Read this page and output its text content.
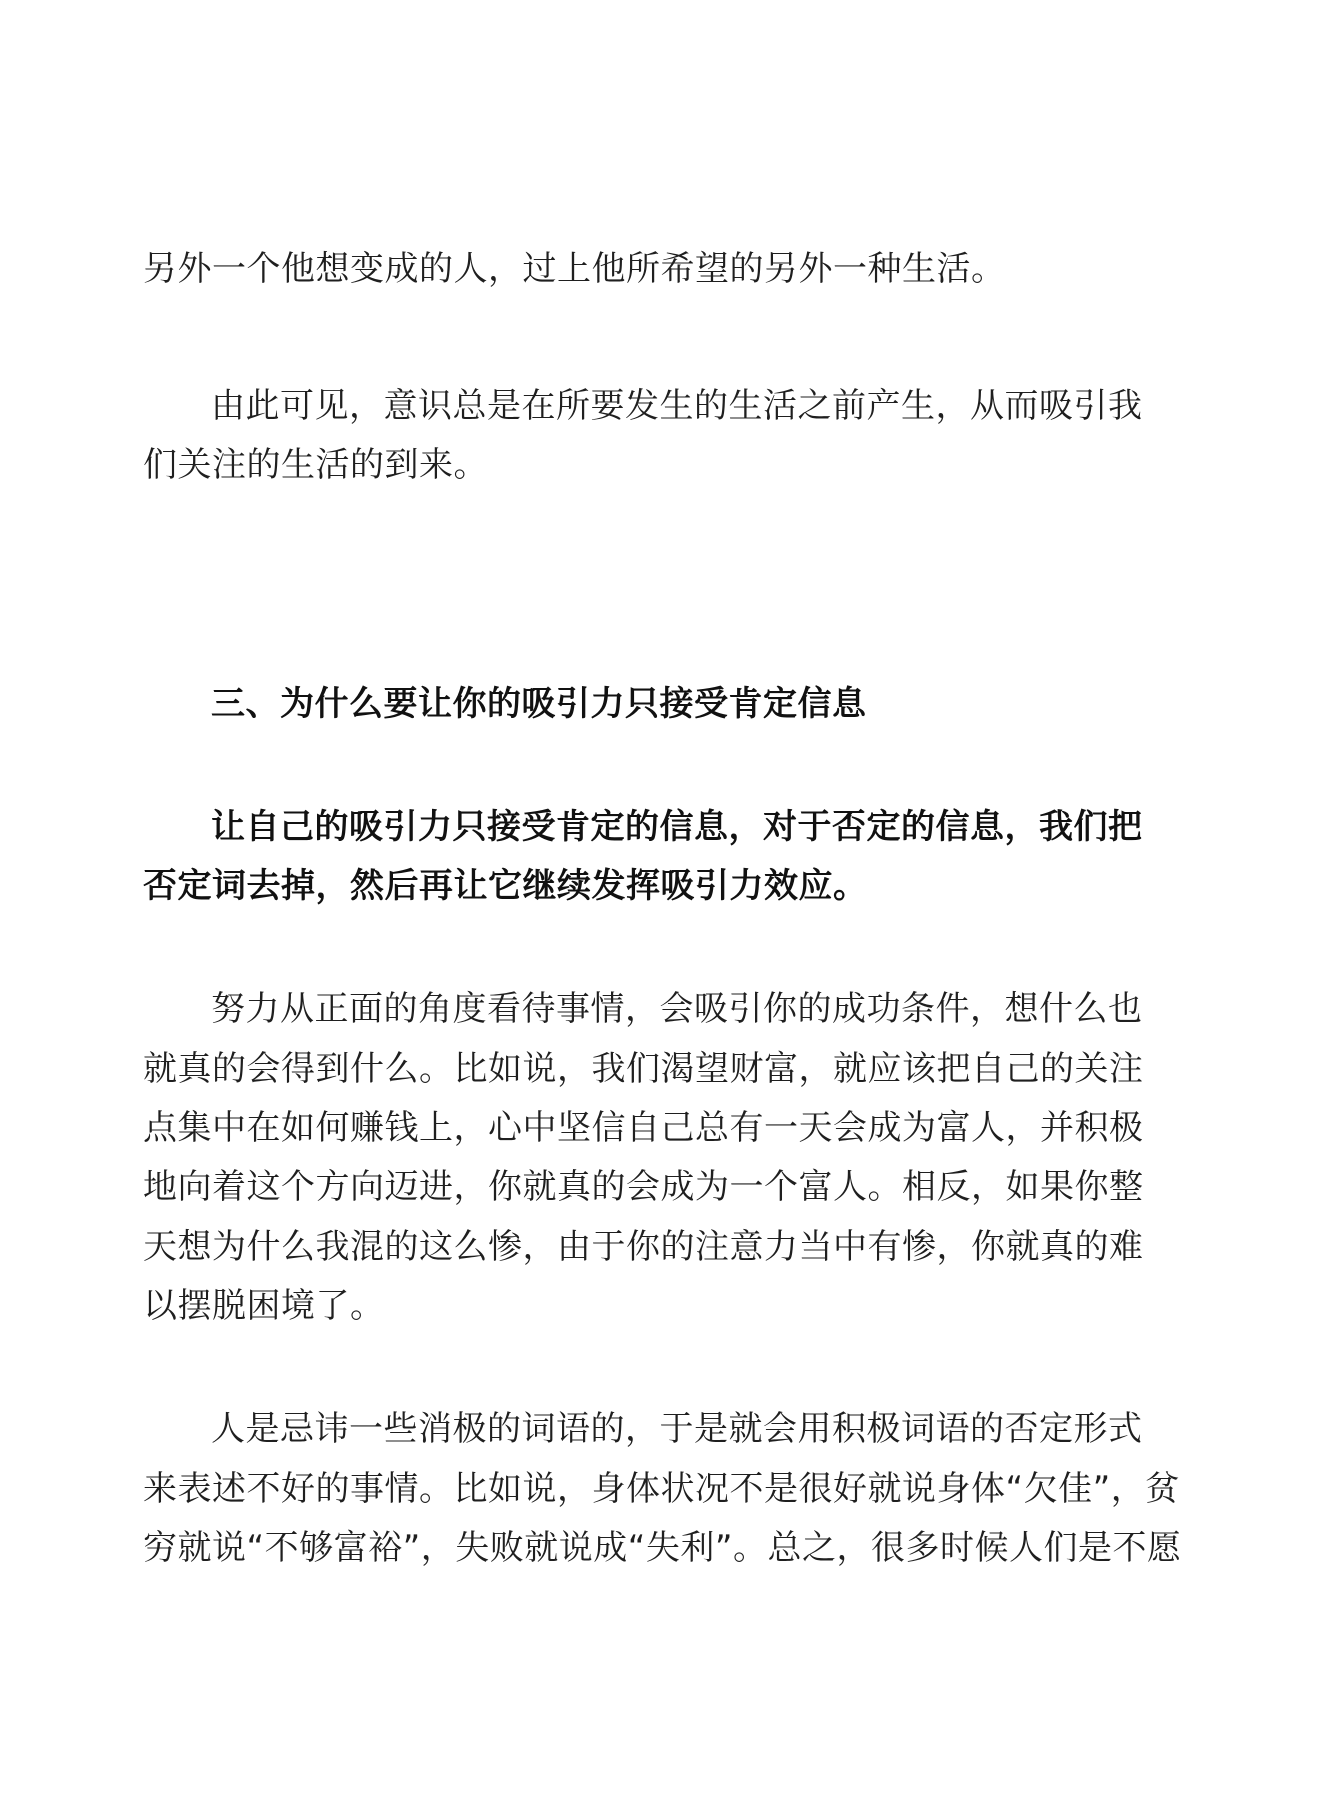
另外一个他想变成的人，过上他所希望的另外一种生活。
由此可见，意识总是在所要发生的生活之前产生，从而吸引我
们关注的生活的到来。
三、为什么要让你的吸引力只接受肯定信息
让自己的吸引力只接受肯定的信息，对于否定的信息，我们把
否定词去掉，然后再让它继续发挥吸引力效应。
努力从正面的角度看待事情，会吸引你的成功条件，想什么也
就真的会得到什么。比如说，我们渴望财富，就应该把自己的关注
点集中在如何赚钱上，心中坚信自己总有一天会成为富人，并积极
地向着这个方向迈进，你就真的会成为一个富人。相反，如果你整
天想为什么我混的这么惨，由于你的注意力当中有惨，你就真的难
以摆脱困境了。
人是忌讳一些消极的词语的，于是就会用积极词语的否定形式
来表述不好的事情。比如说，身体状况不是很好就说身体“欠佳”，贫
穷就说“不够富裕”，失败就说成“失利”。总之，很多时候人们是不愿
